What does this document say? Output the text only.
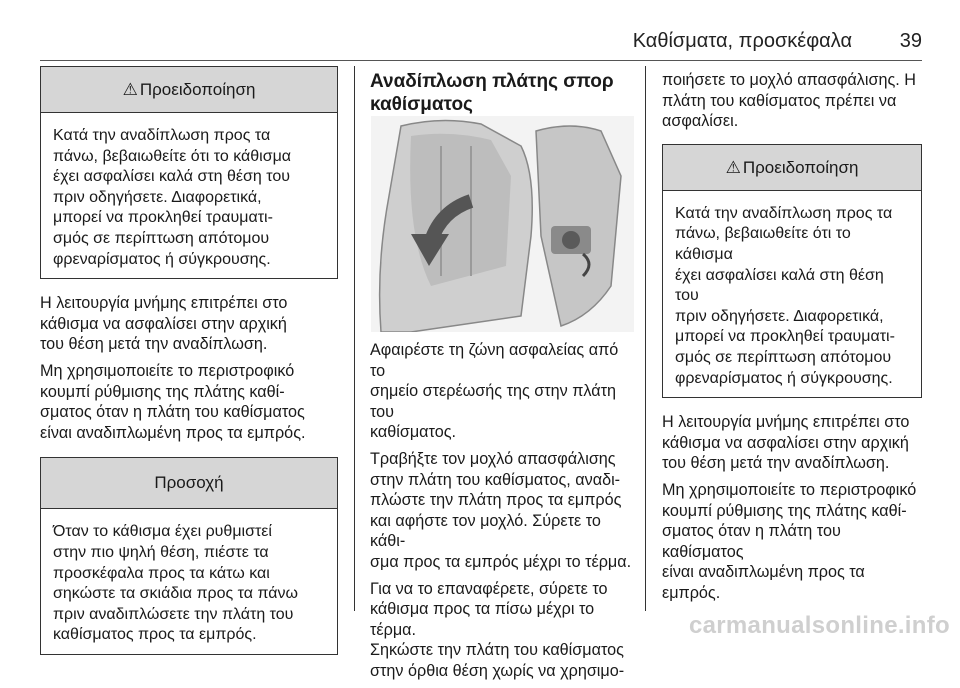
Καθίσματα, προσκέφαλα 39
⚠ Προειδοποίηση
Κατά την αναδίπλωση προς τα
πάνω, βεβαιωθείτε ότι το κάθισμα
έχει ασφαλίσει καλά στη θέση του
πριν οδηγήσετε. Διαφορετικά,
μπορεί να προκληθεί τραυματι-
σμός σε περίπτωση απότομου
φρεναρίσματος ή σύγκρουσης.

Η λειτουργία μνήμης επιτρέπει στο
κάθισμα να ασφαλίσει στην αρχική
του θέση μετά την αναδίπλωση.

Μη χρησιμοποιείτε το περιστροφικό
κουμπί ρύθμισης της πλάτης καθί-
σματος όταν η πλάτη του καθίσματος
είναι αναδιπλωμένη προς τα εμπρός.

Προσοχή
Όταν το κάθισμα έχει ρυθμιστεί
στην πιο ψηλή θέση, πιέστε τα
προσκέφαλα προς τα κάτω και
σηκώστε τα σκιάδια προς τα πάνω
πριν αναδιπλώσετε την πλάτη του
καθίσματος προς τα εμπρός.
Αναδίπλωση πλάτης σπορ
καθίσματος

Αφαιρέστε τη ζώνη ασφαλείας από το
σημείο στερέωσής της στην πλάτη του
καθίσματος.

Τραβήξτε τον μοχλό απασφάλισης
στην πλάτη του καθίσματος, αναδι-
πλώστε την πλάτη προς τα εμπρός
και αφήστε τον μοχλό. Σύρετε το κάθι-
σμα προς τα εμπρός μέχρι το τέρμα.

Για να το επαναφέρετε, σύρετε το
κάθισμα προς τα πίσω μέχρι το τέρμα.
Σηκώστε την πλάτη του καθίσματος
στην όρθια θέση χωρίς να χρησιμο-

ποιήσετε το μοχλό απασφάλισης. Η
πλάτη του καθίσματος πρέπει να
ασφαλίσει.

⚠ Προειδοποίηση
Κατά την αναδίπλωση προς τα
πάνω, βεβαιωθείτε ότι το κάθισμα
έχει ασφαλίσει καλά στη θέση του
πριν οδηγήσετε. Διαφορετικά,
μπορεί να προκληθεί τραυματι-
σμός σε περίπτωση απότομου
φρεναρίσματος ή σύγκρουσης.

Η λειτουργία μνήμης επιτρέπει στο
κάθισμα να ασφαλίσει στην αρχική
του θέση μετά την αναδίπλωση.

Μη χρησιμοποιείτε το περιστροφικό
κουμπί ρύθμισης της πλάτης καθί-
σματος όταν η πλάτη του καθίσματος
είναι αναδιπλωμένη προς τα εμπρός.

carmanualsonline.info
